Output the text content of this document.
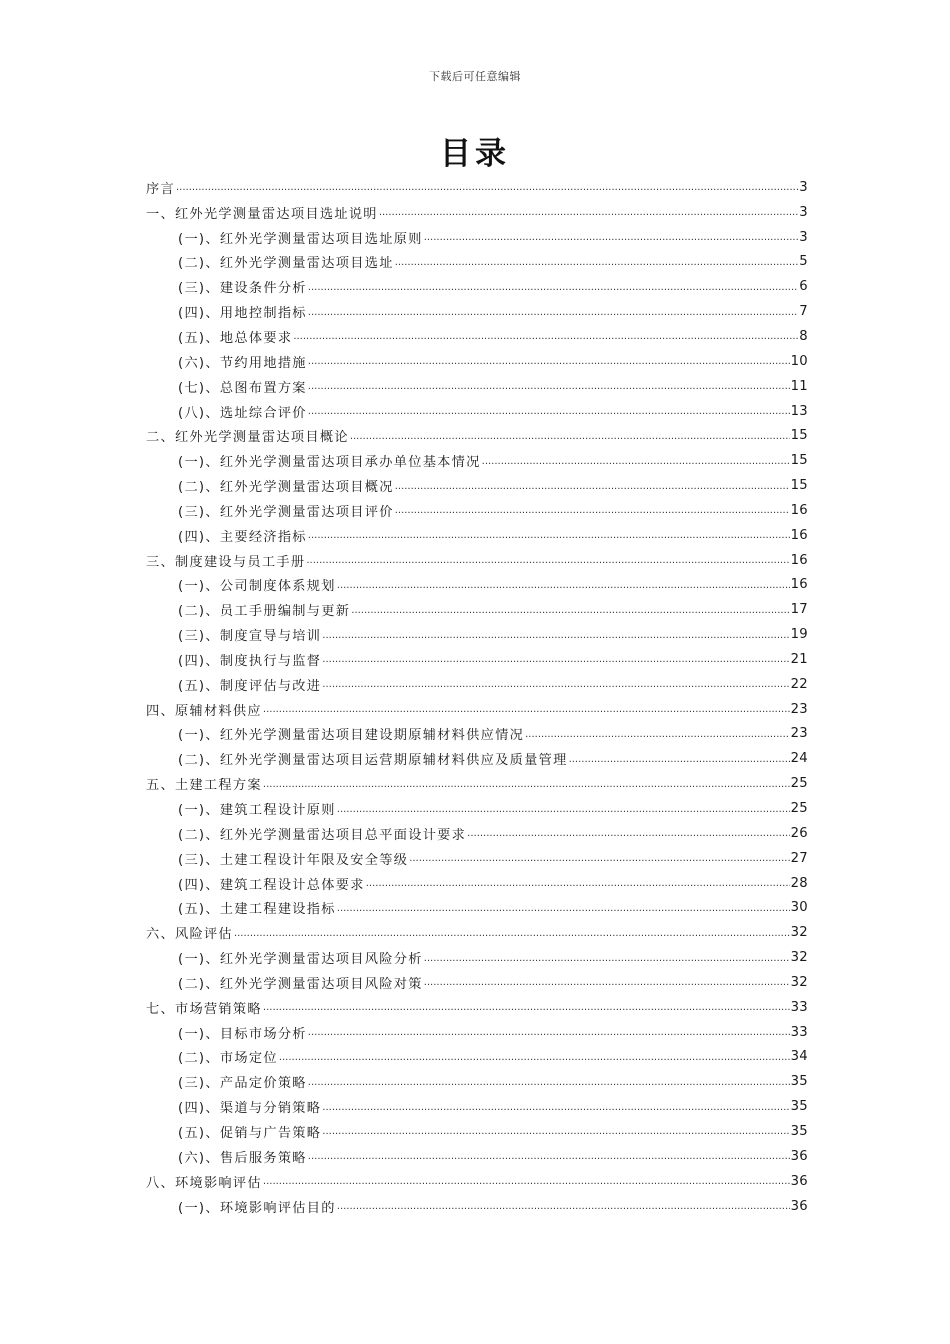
下载后可任意编辑
目录
序言 .....	3
一、红外光学测量雷达项目选址说明 .....	3
(一)、红外光学测量雷达项目选址原则 .....	3
(二)、红外光学测量雷达项目选址 .....	5
(三)、建设条件分析 .....	6
(四)、用地控制指标 .....	7
(五)、地总体要求 .....	8
(六)、节约用地措施 .....	10
(七)、总图布置方案 .....	11
(八)、选址综合评价 .....	13
二、红外光学测量雷达项目概论 .....	15
(一)、红外光学测量雷达项目承办单位基本情况 .....	15
(二)、红外光学测量雷达项目概况 .....	15
(三)、红外光学测量雷达项目评价 .....	16
(四)、主要经济指标 .....	16
三、制度建设与员工手册 .....	16
(一)、公司制度体系规划 .....	16
(二)、员工手册编制与更新 .....	17
(三)、制度宣导与培训 .....	19
(四)、制度执行与监督 .....	21
(五)、制度评估与改进 .....	22
四、原辅材料供应 .....	23
(一)、红外光学测量雷达项目建设期原辅材料供应情况 .....	23
(二)、红外光学测量雷达项目运营期原辅材料供应及质量管理 .....	24
五、土建工程方案 .....	25
(一)、建筑工程设计原则 .....	25
(二)、红外光学测量雷达项目总平面设计要求 .....	26
(三)、土建工程设计年限及安全等级 .....	27
(四)、建筑工程设计总体要求 .....	28
(五)、土建工程建设指标 .....	30
六、风险评估 .....	32
(一)、红外光学测量雷达项目风险分析 .....	32
(二)、红外光学测量雷达项目风险对策 .....	32
七、市场营销策略 .....	33
(一)、目标市场分析 .....	33
(二)、市场定位 .....	34
(三)、产品定价策略 .....	35
(四)、渠道与分销策略 .....	35
(五)、促销与广告策略 .....	35
(六)、售后服务策略 .....	36
八、环境影响评估 .....	36
(一)、环境影响评估目的 .....	36
